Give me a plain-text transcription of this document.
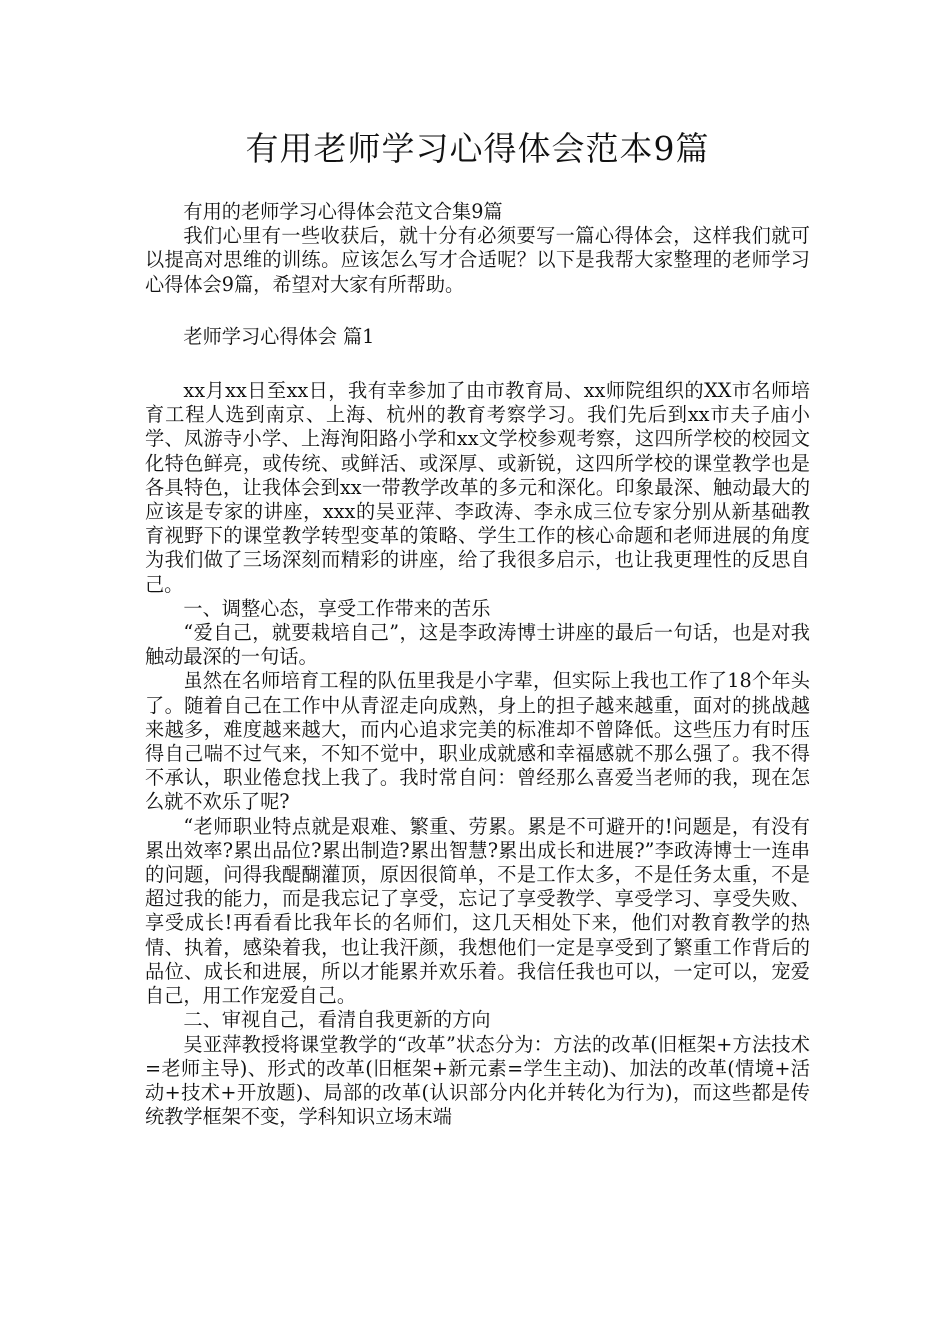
有用老师学习心得体会范本9篇

有用的老师学习心得体会范文合集9篇

我们心里有一些收获后，就十分有必须要写一篇心得体会，这样我们就可以提高对思维的训练。应该怎么写才合适呢？以下是我帮大家整理的老师学习心得体会9篇，希望对大家有所帮助。

老师学习心得体会 篇1

xx月xx日至xx日，我有幸参加了由市教育局、xx师院组织的XX市名师培育工程人选到南京、上海、杭州的教育考察学习。我们先后到xx市夫子庙小学、凤游寺小学、上海洵阳路小学和xx文学校参观考察，这四所学校的校园文化特色鲜亮，或传统、或鲜活、或深厚、或新锐，这四所学校的课堂教学也是各具特色，让我体会到xx一带教学改革的多元和深化。印象最深、触动最大的应该是专家的讲座，xxx的吴亚萍、李政涛、李永成三位专家分别从新基础教育视野下的课堂教学转型变革的策略、学生工作的核心命题和老师进展的角度为我们做了三场深刻而精彩的讲座，给了我很多启示，也让我更理性的反思自己。

一、调整心态，享受工作带来的苦乐

“爱自己，就要栽培自己”，这是李政涛博士讲座的最后一句话，也是对我触动最深的一句话。

虽然在名师培育工程的队伍里我是小字辈，但实际上我也工作了18个年头了。随着自己在工作中从青涩走向成熟，身上的担子越来越重，面对的挑战越来越多，难度越来越大，而内心追求完美的标准却不曾降低。这些压力有时压得自己喘不过气来，不知不觉中，职业成就感和幸福感就不那么强了。我不得不承认，职业倦怠找上我了。我时常自问：曾经那么喜爱当老师的我，现在怎么就不欢乐了呢?

“老师职业特点就是艰难、繁重、劳累。累是不可避开的!问题是，有没有累出效率?累出品位?累出制造?累出智慧?累出成长和进展?”李政涛博士一连串的问题，问得我醍醐灌顶，原因很简单，不是工作太多，不是任务太重，不是超过我的能力，而是我忘记了享受，忘记了享受教学、享受学习、享受失败、享受成长!再看看比我年长的名师们，这几天相处下来，他们对教育教学的热情、执着，感染着我，也让我汗颜，我想他们一定是享受到了繁重工作背后的品位、成长和进展，所以才能累并欢乐着。我信任我也可以，一定可以，宠爱自己，用工作宠爱自己。

二、审视自己，看清自我更新的方向

吴亚萍教授将课堂教学的“改革”状态分为：方法的改革(旧框架+方法技术=老师主导)、形式的改革(旧框架+新元素=学生主动)、加法的改革(情境+活动+技术+开放题)、局部的改革(认识部分内化并转化为行为)，而这些都是传统教学框架不变，学科知识立场末端
